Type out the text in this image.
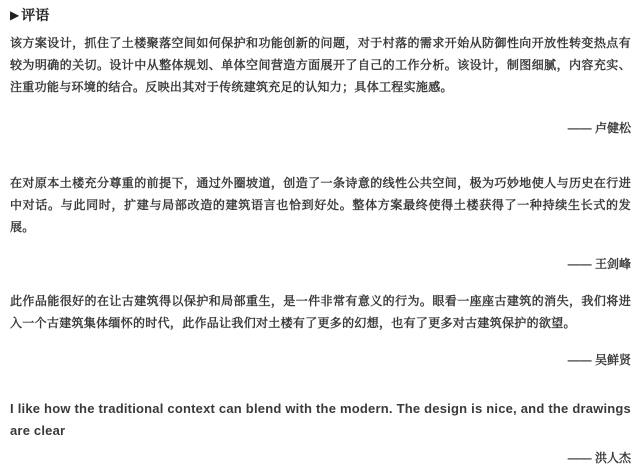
▶ 评语

该方案设计，抓住了土楼聚落空间如何保护和功能创新的问题，对于村落的需求开始从防御性向开放性转变热点有较为明确的关切。设计中从整体规划、单体空间营造方面展开了自己的工作分析。该设计，制图细腻，内容充实、注重功能与环境的结合。反映出其对于传统建筑充足的认知力；具体工程实施感。

—— 卢健松

在对原本土楼充分尊重的前提下，通过外圈坡道，创造了一条诗意的线性公共空间，极为巧妙地使人与历史在行进中对话。与此同时，扩建与局部改造的建筑语言也恰到好处。整体方案最终使得土楼获得了一种持续生长式的发展。

—— 王剑峰

此作品能很好的在让古建筑得以保护和局部重生，是一件非常有意义的行为。眼看一座座古建筑的消失，我们将进入一个古建筑集体缅怀的时代，此作品让我们对土楼有了更多的幻想，也有了更多对古建筑保护的欲望。

—— 吴鲜贤

I like how the traditional context can blend with the modern. The design is nice, and the drawings are clear

—— 洪人杰
